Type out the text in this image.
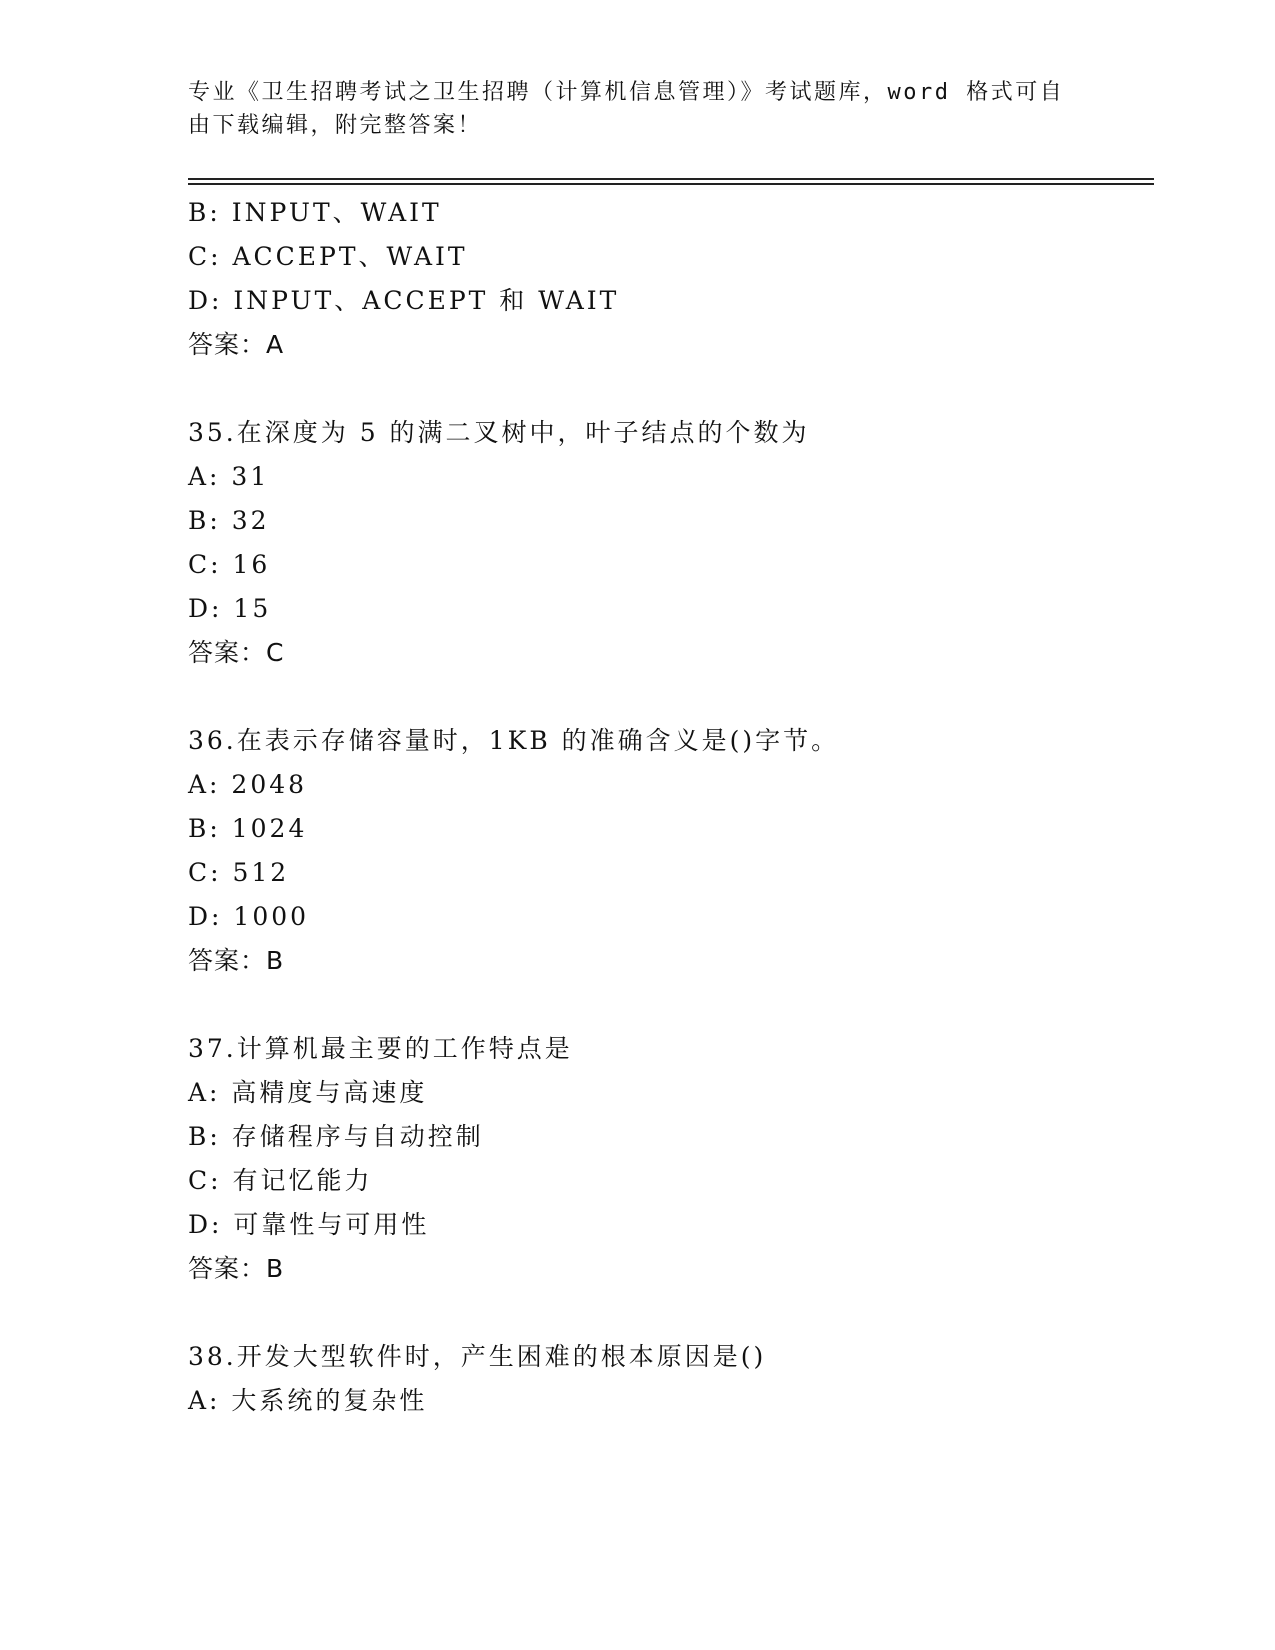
专业《卫生招聘考试之卫生招聘（计算机信息管理）》考试题库，word 格式可自由下载编辑，附完整答案！
B: INPUT、WAIT
C: ACCEPT、WAIT
D: INPUT、ACCEPT 和 WAIT
答案：A
35.在深度为 5 的满二叉树中，叶子结点的个数为
A: 31
B: 32
C: 16
D: 15
答案：C
36.在表示存储容量时，1KB 的准确含义是()字节。
A: 2048
B: 1024
C: 512
D: 1000
答案：B
37.计算机最主要的工作特点是
A: 高精度与高速度
B: 存储程序与自动控制
C: 有记忆能力
D: 可靠性与可用性
答案：B
38.开发大型软件时，产生困难的根本原因是()
A: 大系统的复杂性
